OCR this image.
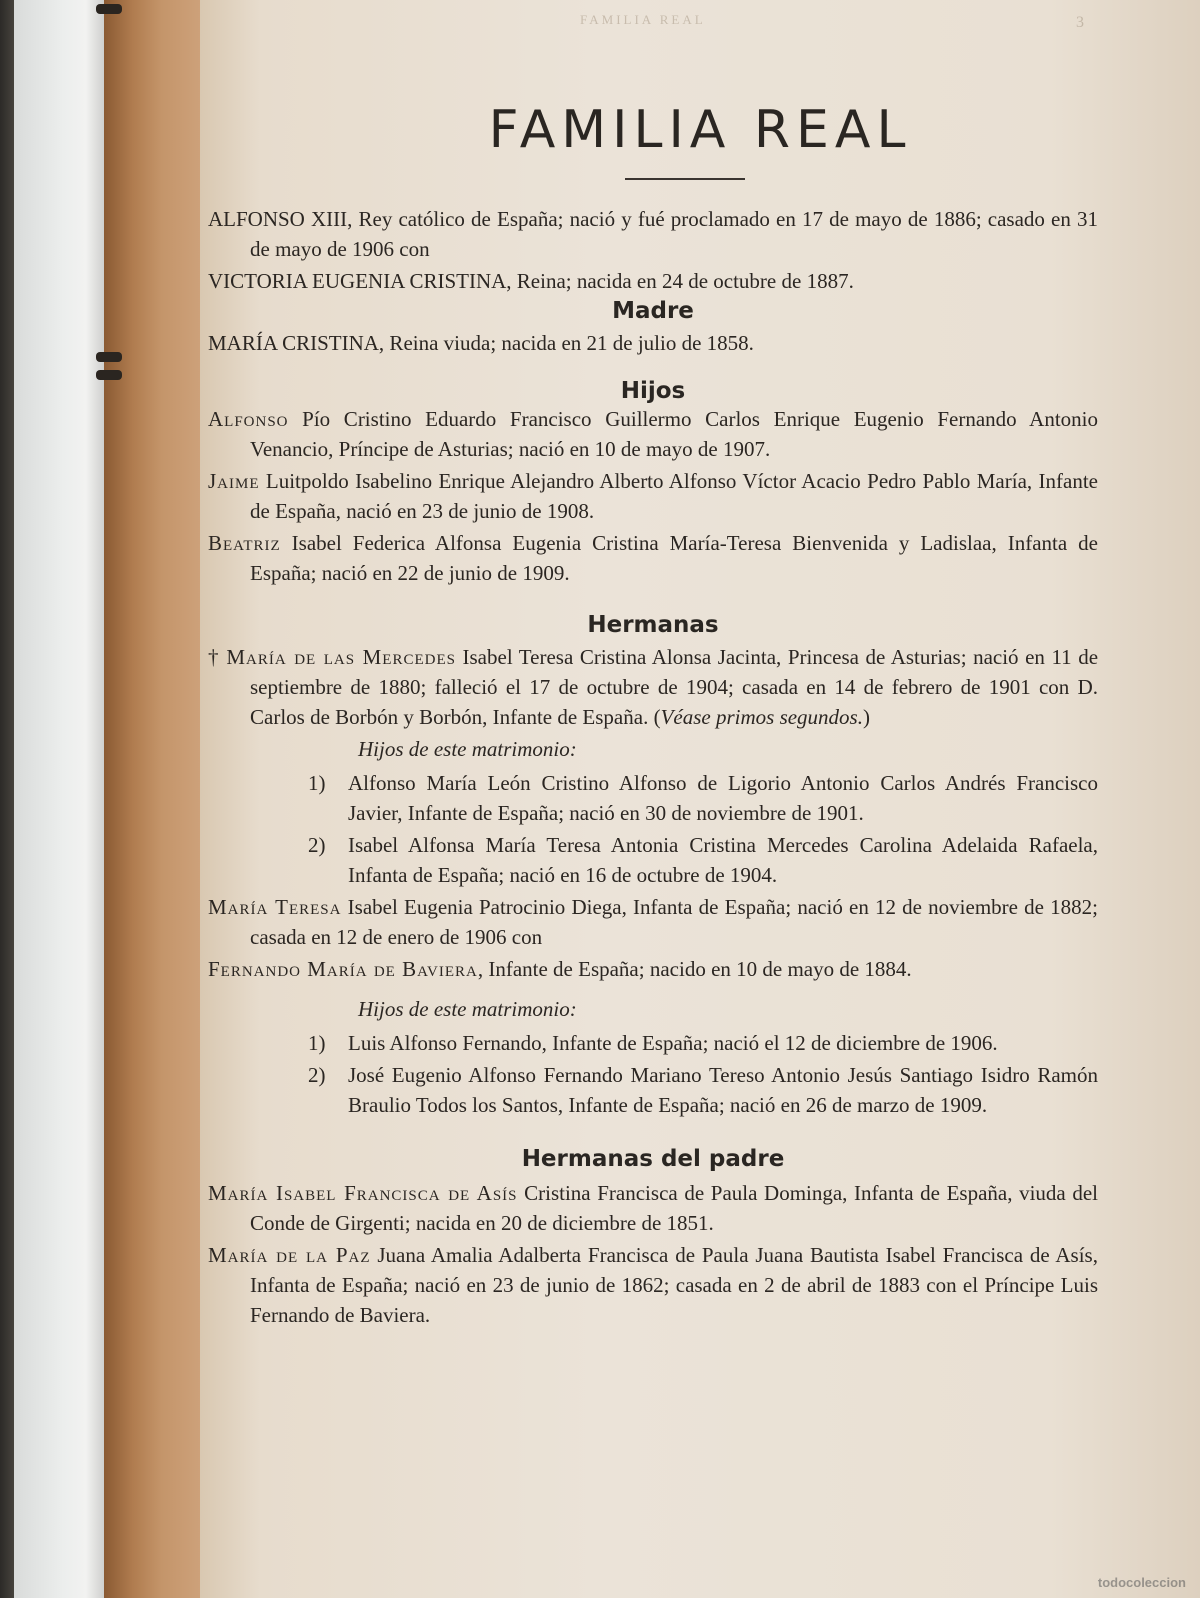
FAMILIA REAL	3
FAMILIA REAL

ALFONSO XIII, Rey católico de España; nació y fué proclamado en 17 de mayo de 1886; casado en 31 de mayo de 1906 con

VICTORIA EUGENIA CRISTINA, Reina; nacida en 24 de octubre de 1887.

Madre

MARÍA CRISTINA, Reina viuda; nacida en 21 de julio de 1858.

Hijos

Alfonso Pío Cristino Eduardo Francisco Guillermo Carlos Enrique Eugenio Fernando Antonio Venancio, Príncipe de Asturias; nació en 10 de mayo de 1907.

Jaime Luitpoldo Isabelino Enrique Alejandro Alberto Alfonso Víctor Acacio Pedro Pablo María, Infante de España, nació en 23 de junio de 1908.

Beatriz Isabel Federica Alfonsa Eugenia Cristina María-Teresa Bienvenida y Ladislaa, Infanta de España; nació en 22 de junio de 1909.

Hermanas

† María de las Mercedes Isabel Teresa Cristina Alonsa Jacinta, Princesa de Asturias; nació en 11 de septiembre de 1880; falleció el 17 de octubre de 1904; casada en 14 de febrero de 1901 con D. Carlos de Borbón y Borbón, Infante de España. (Véase primos segundos.)

Hijos de este matrimonio:

1) Alfonso María León Cristino Alfonso de Ligorio Antonio Carlos Andrés Francisco Javier, Infante de España; nació en 30 de noviembre de 1901.

2) Isabel Alfonsa María Teresa Antonia Cristina Mercedes Carolina Adelaida Rafaela, Infanta de España; nació en 16 de octubre de 1904.

María Teresa Isabel Eugenia Patrocinio Diega, Infanta de España; nació en 12 de noviembre de 1882; casada en 12 de enero de 1906 con

Fernando María de Baviera, Infante de España; nacido en 10 de mayo de 1884.

Hijos de este matrimonio:

1) Luis Alfonso Fernando, Infante de España; nació el 12 de diciembre de 1906.

2) José Eugenio Alfonso Fernando Mariano Tereso Antonio Jesús Santiago Isidro Ramón Braulio Todos los Santos, Infante de España; nació en 26 de marzo de 1909.

Hermanas del padre

María Isabel Francisca de Asís Cristina Francisca de Paula Dominga, Infanta de España, viuda del Conde de Girgenti; nacida en 20 de diciembre de 1851.

María de la Paz Juana Amalia Adalberta Francisca de Paula Juana Bautista Isabel Francisca de Asís, Infanta de España; nació en 23 de junio de 1862; casada en 2 de abril de 1883 con el Príncipe Luis Fernando de Baviera.

todocoleccion
